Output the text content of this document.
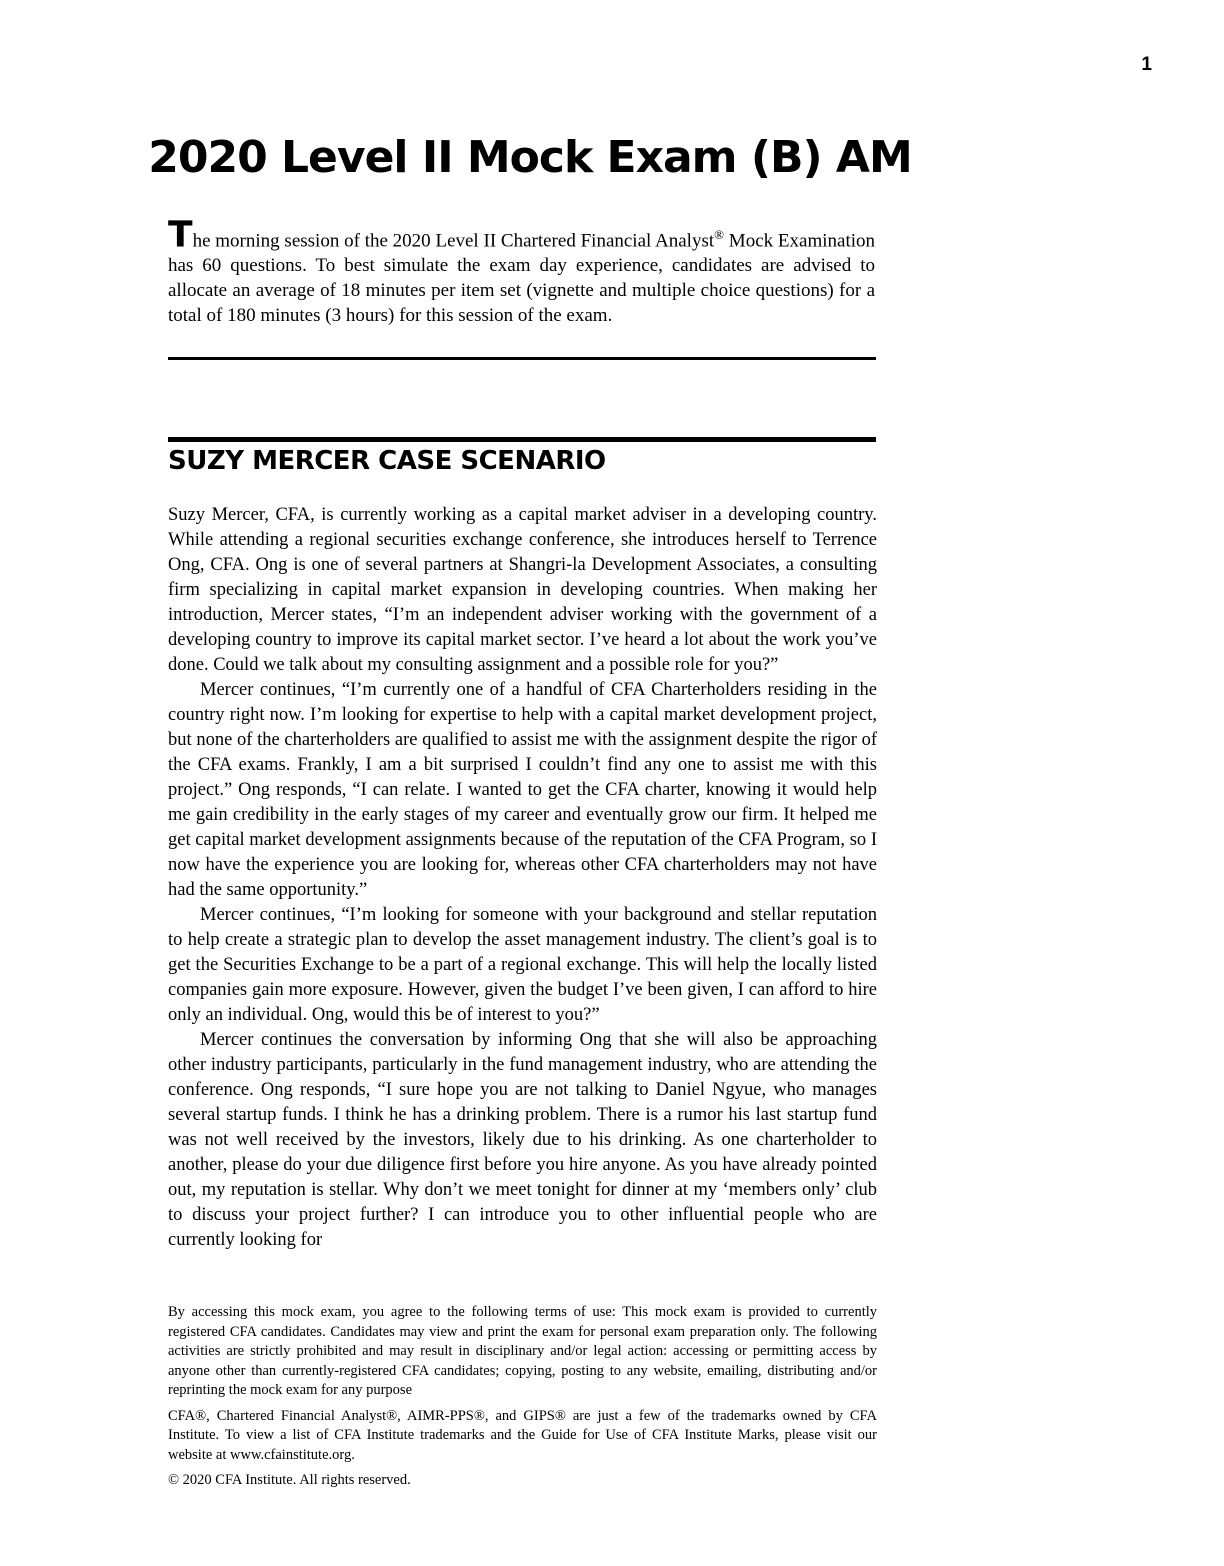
1
2020 Level II Mock Exam (B) AM

The morning session of the 2020 Level II Chartered Financial Analyst® Mock Examination has 60 questions. To best simulate the exam day experience, candidates are advised to allocate an average of 18 minutes per item set (vignette and multiple choice questions) for a total of 180 minutes (3 hours) for this session of the exam.

SUZY MERCER CASE SCENARIO

Suzy Mercer, CFA, is currently working as a capital market adviser in a developing country. While attending a regional securities exchange conference, she introduces herself to Terrence Ong, CFA. Ong is one of several partners at Shangri-la Development Associates, a consulting firm specializing in capital market expansion in developing countries. When making her introduction, Mercer states, “I’m an independent adviser working with the government of a developing country to improve its capital market sector. I’ve heard a lot about the work you’ve done. Could we talk about my consulting assignment and a possible role for you?”

Mercer continues, “I’m currently one of a handful of CFA Charterholders residing in the country right now. I’m looking for expertise to help with a capital market development project, but none of the charterholders are qualified to assist me with the assignment despite the rigor of the CFA exams. Frankly, I am a bit surprised I couldn’t find any one to assist me with this project.” Ong responds, “I can relate. I wanted to get the CFA charter, knowing it would help me gain credibility in the early stages of my career and eventually grow our firm. It helped me get capital market development assignments because of the reputation of the CFA Program, so I now have the experience you are looking for, whereas other CFA charterholders may not have had the same opportunity.”

Mercer continues, “I’m looking for someone with your background and stellar reputation to help create a strategic plan to develop the asset management industry. The client’s goal is to get the Securities Exchange to be a part of a regional exchange. This will help the locally listed companies gain more exposure. However, given the budget I’ve been given, I can afford to hire only an individual. Ong, would this be of interest to you?”

Mercer continues the conversation by informing Ong that she will also be approaching other industry participants, particularly in the fund management industry, who are attending the conference. Ong responds, “I sure hope you are not talking to Daniel Ngyue, who manages several startup funds. I think he has a drinking problem. There is a rumor his last startup fund was not well received by the investors, likely due to his drinking. As one charterholder to another, please do your due diligence first before you hire anyone. As you have already pointed out, my reputation is stellar. Why don’t we meet tonight for dinner at my ‘members only’ club to discuss your project further? I can introduce you to other influential people who are currently looking for

By accessing this mock exam, you agree to the following terms of use: This mock exam is provided to currently registered CFA candidates. Candidates may view and print the exam for personal exam preparation only. The following activities are strictly prohibited and may result in disciplinary and/or legal action: accessing or permitting access by anyone other than currently-registered CFA candidates; copying, posting to any website, emailing, distributing and/or reprinting the mock exam for any purpose

CFA®, Chartered Financial Analyst®, AIMR-PPS®, and GIPS® are just a few of the trademarks owned by CFA Institute. To view a list of CFA Institute trademarks and the Guide for Use of CFA Institute Marks, please visit our website at www.cfainstitute.org.

© 2020 CFA Institute. All rights reserved.
